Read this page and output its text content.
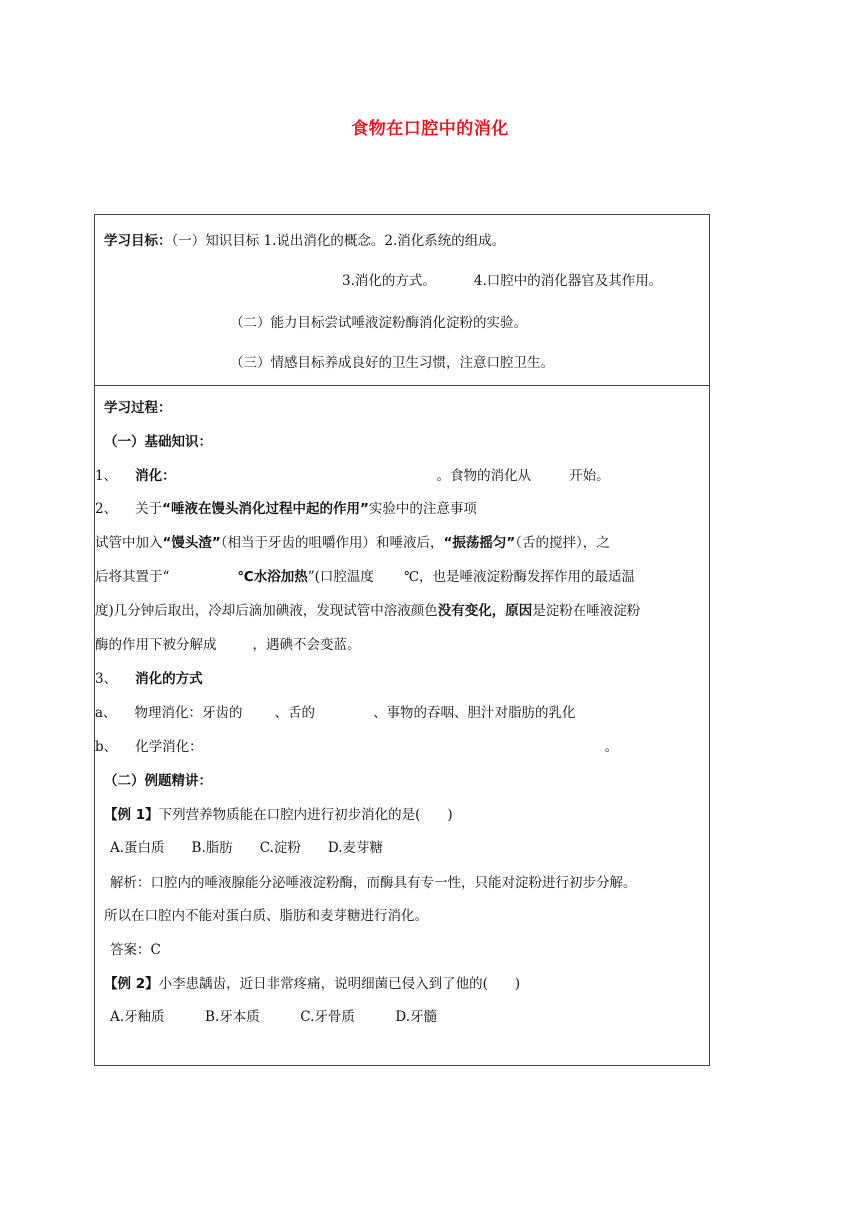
食物在口腔中的消化
学习目标：（一）知识目标 1.说出消化的概念。2.消化系统的组成。
3.消化的方式。	4.口腔中的消化器官及其作用。
（二）能力目标尝试唾液淀粉酶消化淀粉的实验。
（三）情感目标养成良好的卫生习惯，注意口腔卫生。
学习过程：
（一）基础知识：
1、 消化：	。食物的消化从	开始。
2、 关于“唾液在馒头消化过程中起的作用”实验中的注意事项
试管中加入“馒头渣”（相当于牙齿的咀嚼作用）和唾液后，“振荡摇匀”（舌的搅拌），之
后将其置于“	℃水浴加热”(口腔温度 ℃，也是唾液淀粉酶发挥作用的最适温
度)几分钟后取出，冷却后滴加碘液，发现试管中溶液颜色没有变化，原因是淀粉在唾液淀粉
酶的作用下被分解成	，遇碘不会变蓝。
3、 消化的方式
a、 物理消化：牙齿的 、舌的	、事物的吞咽、胆汁对脂肪的乳化
b、 化学消化：	。
（二）例题精讲：
【例 1】下列营养物质能在口腔内进行初步消化的是(　　)
A.蛋白质　　B.脂肪　　C.淀粉　　D.麦芽糖
解析：口腔内的唾液腺能分泌唾液淀粉酶，而酶具有专一性，只能对淀粉进行初步分解。
所以在口腔内不能对蛋白质、脂肪和麦芽糖进行消化。
答案：C
【例 2】小李患龋齿，近日非常疼痛，说明细菌已侵入到了他的(　　)
A.牙釉质　　　B.牙本质　　　C.牙骨质　　　D.牙髓
